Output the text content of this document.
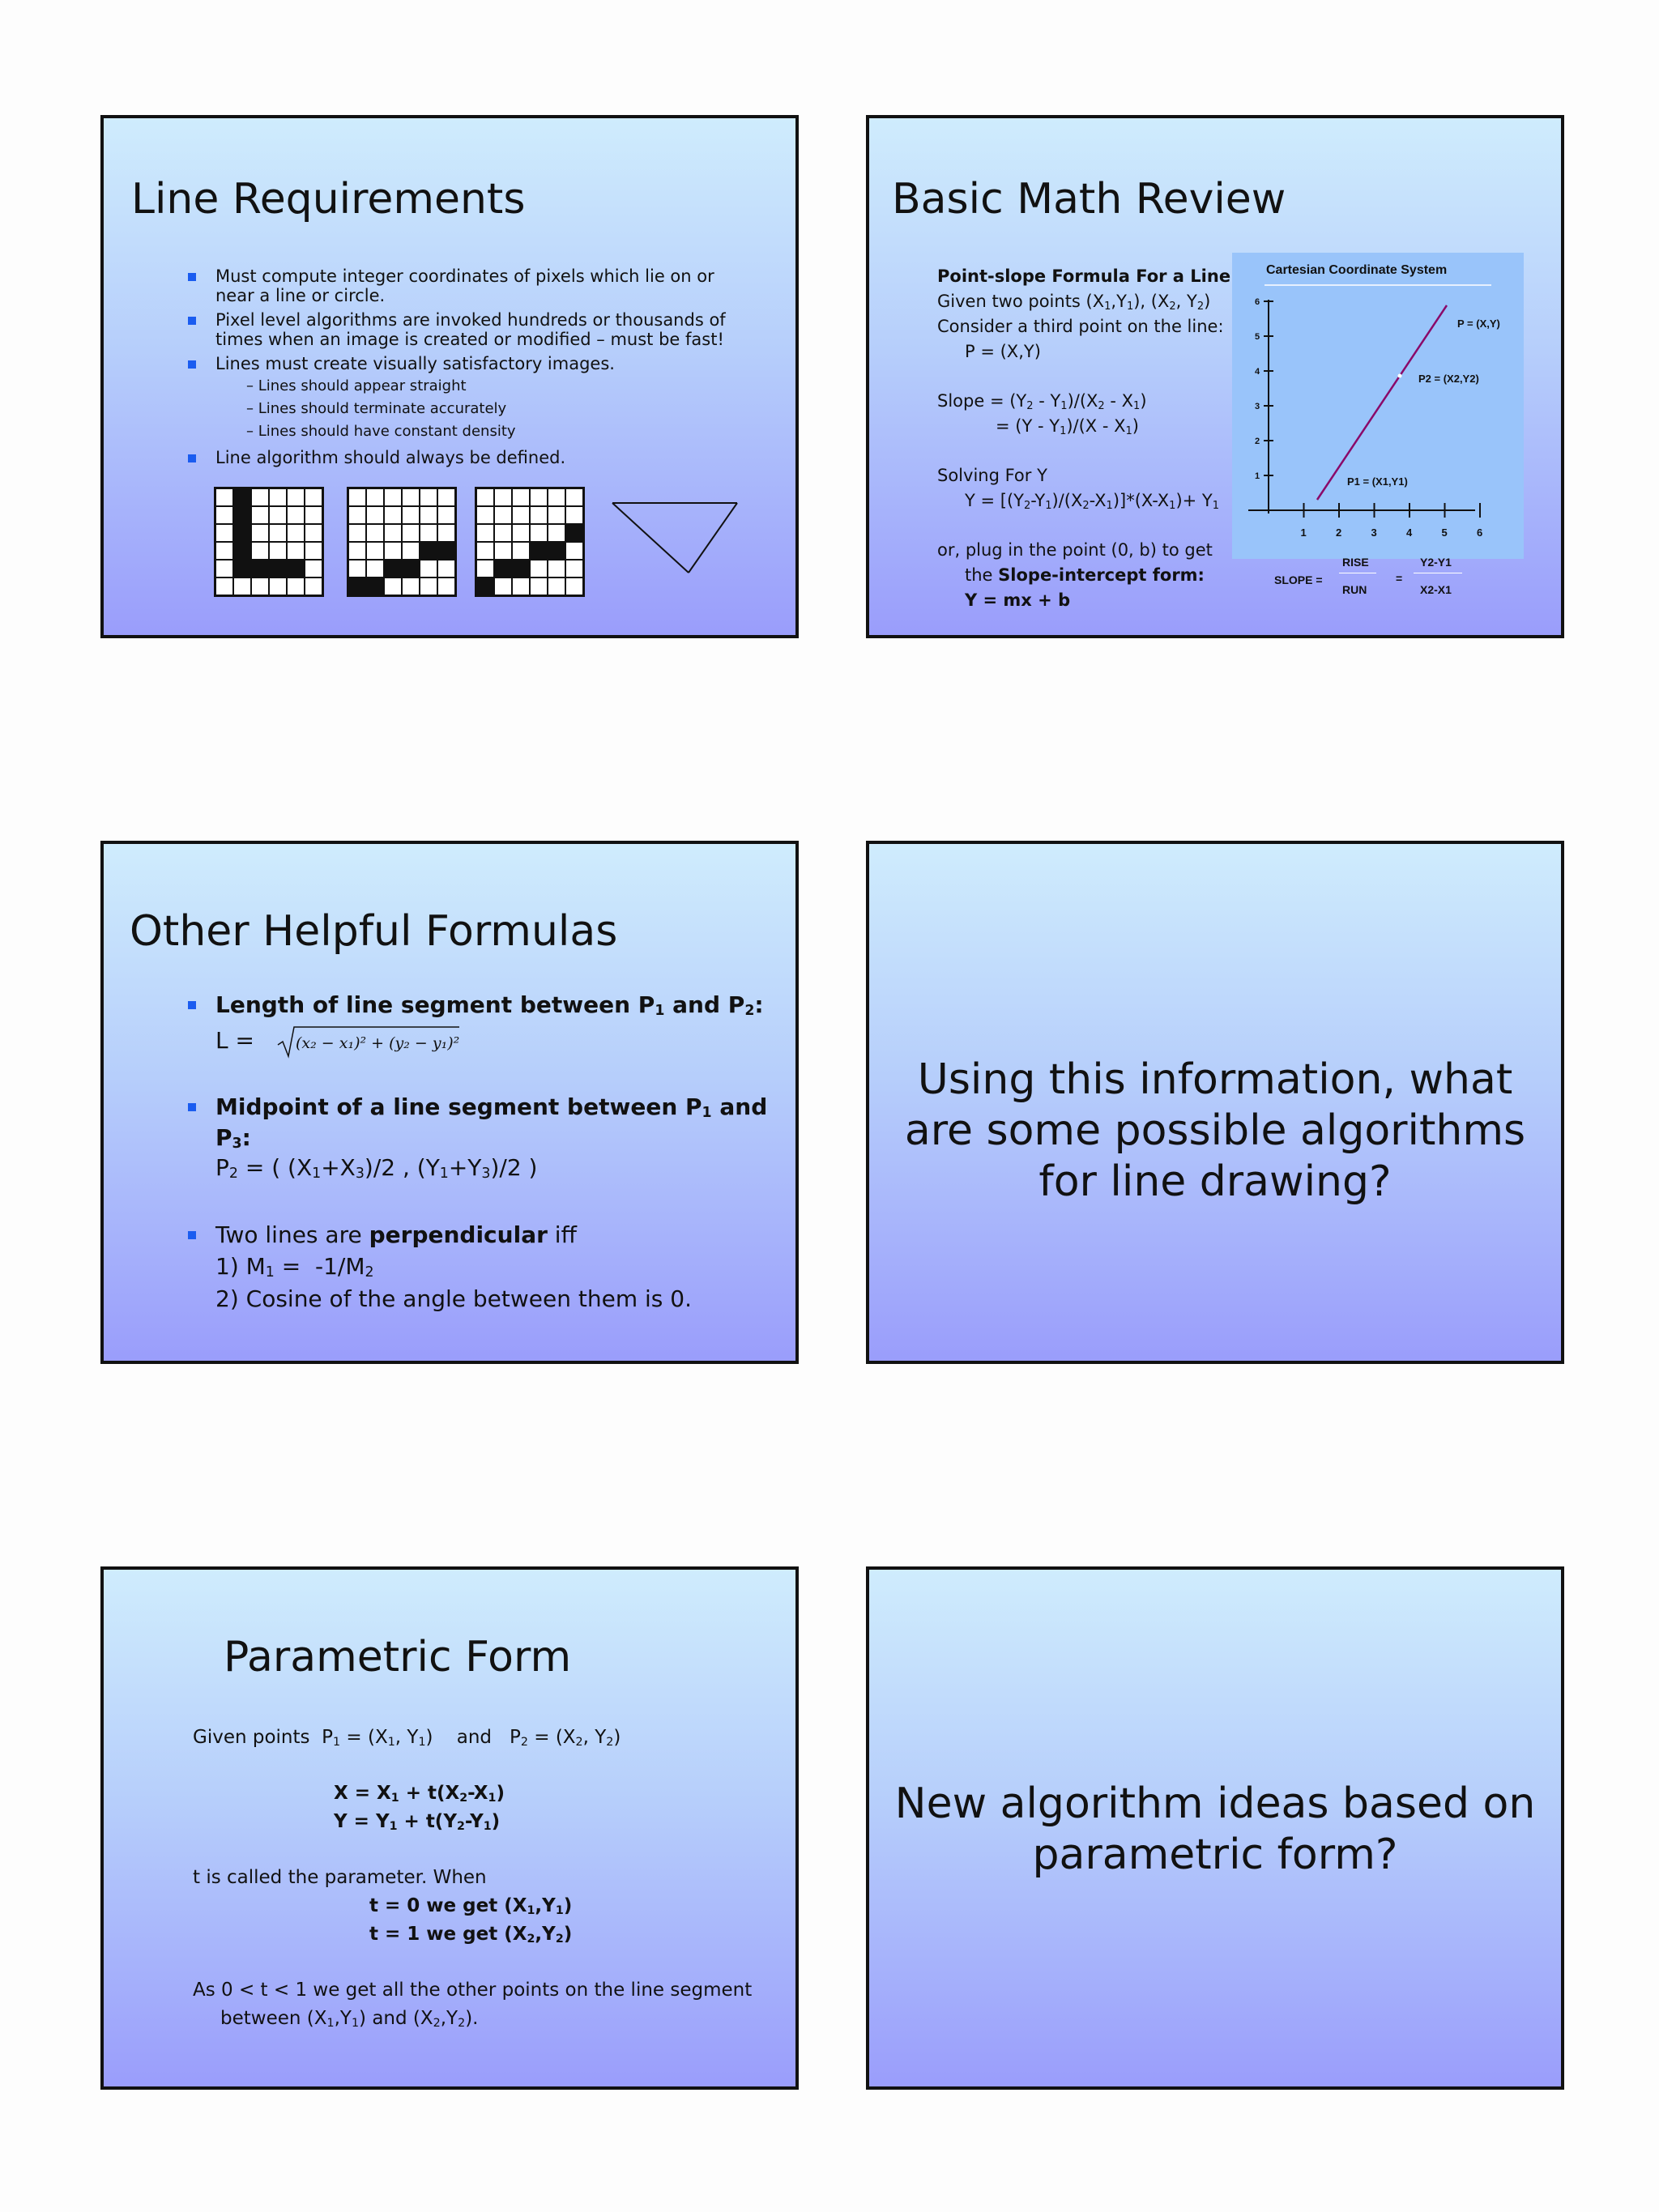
Line Requirements
Must compute integer coordinates of pixels which lie on or near a line or circle.
Pixel level algorithms are invoked hundreds or thousands of times when an image is created or modified – must be fast!
Lines must create visually satisfactory images.
– Lines should appear straight
– Lines should terminate accurately
– Lines should have constant density
Line algorithm should always be defined.
Basic Math Review
Point-slope Formula For a Line
Given two points $(X_1,Y_1)$, ($X_2$, $Y_2$)
Consider a third point on the line:
P = (X,Y)
Slope = $(Y_2 - Y_1)/(X_2 - X_1)$
= $(Y - Y_1)/(X - X_1)$
Solving For Y
$Y = [(Y_2-Y_1)/(X_2-X_1)]*(X-X_1)+ Y_1$
or, plug in the point (0, b) to get
the Slope-intercept form:
Y = mx + b
Cartesian Coordinate System
1	2	3	4	5	6
1
2
3
4
5
6
P = (X,Y)
P2 = (X2,Y2)
P1 = (X1,Y1)
SLOPE =
RISE
RUN
=
Y2-Y1
X2-X1
Other Helpful Formulas
Length of line segment between $P_1$ and $P_2$:
L = (x₂ − x₁)² + (y₂ − y₁)²
Midpoint of a line segment between $P_1$ and $P_3$:
$P_2$ = ( $(X_1+X_3)/2$ , $(Y_1+Y_3)/2$ )
Two lines are perpendicular iff
1) $M_1 = -1/M_2$
2) Cosine of the angle between them is 0.
Using this information, what
are some possible algorithms
for line drawing?
Parametric Form
Given points  $P_1 = (X_1$, $Y_1$)    and   $P_2 = (X_2$, $Y_2$)
$X = X_1 + t(X_2-X_1)$
$Y = Y_1 + t(Y_2-Y_1)$
t is called the parameter. When
t = 0 we get $(X_1,Y_1)$
t = 1 we get $(X_2,Y_2)$
As 0 < t < 1 we get all the other points on the line segment
between $(X_1,Y_1)$ and $(X_2,Y_2)$.
New algorithm ideas based on
parametric form?
